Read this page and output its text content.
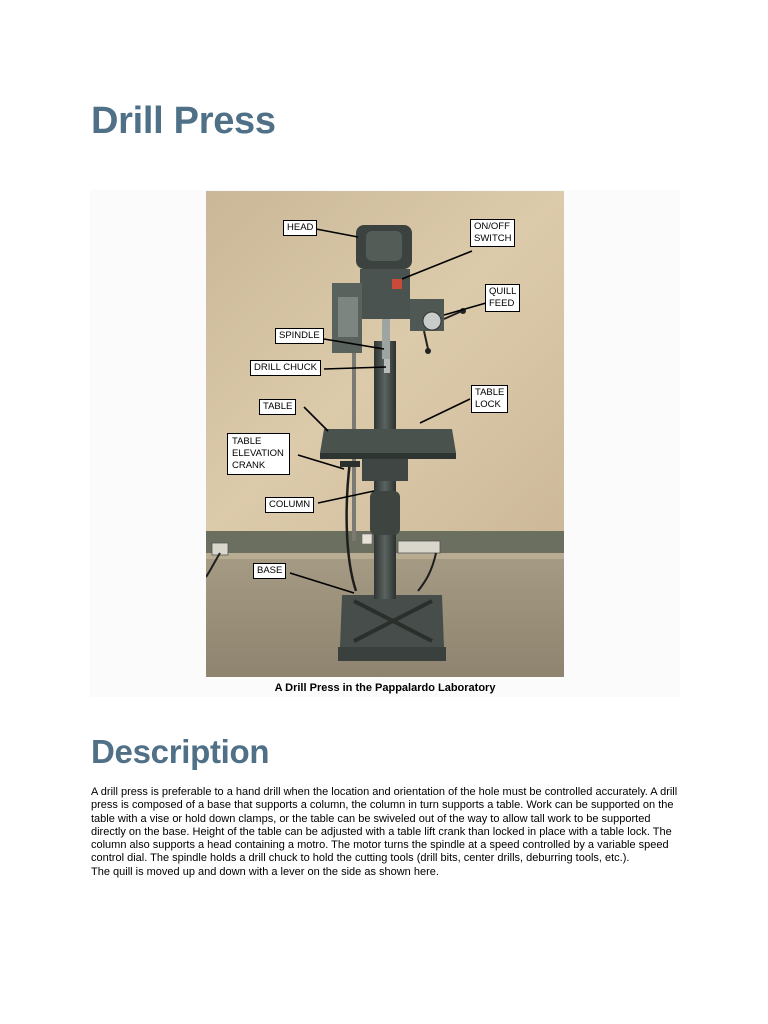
Drill Press
HEAD	ON/OFF
SWITCH
QUILL
FEED
SPINDLE
DRILL CHUCK
TABLE
TABLE
LOCK
TABLE
ELEVATION
CRANK
COLUMN
BASE
A Drill Press in the Pappalardo Laboratory
Description

A drill press is preferable to a hand drill when the location and orientation of the hole must be controlled accurately. A drill press is composed of a base that supports a column, the column in turn supports a table. Work can be supported on the table with a vise or hold down clamps, or the table can be swiveled out of the way to allow tall work to be supported directly on the base. Height of the table can be adjusted with a table lift crank than locked in place with a table lock. The column also supports a head containing a motro. The motor turns the spindle at a speed controlled by a variable speed control dial. The spindle holds a drill chuck to hold the cutting tools (drill bits, center drills, deburring tools, etc.).

The quill is moved up and down with a lever on the side as shown here.
